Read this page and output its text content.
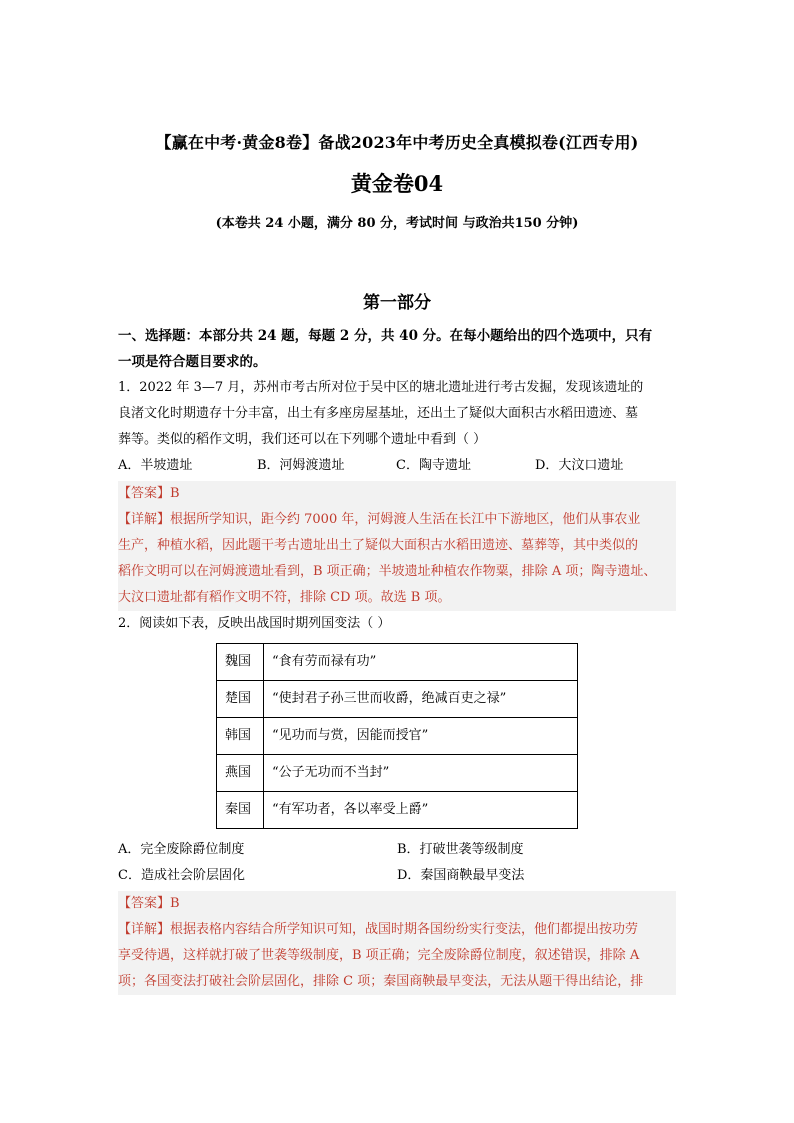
【赢在中考·黄金8卷】备战2023年中考历史全真模拟卷(江西专用)
黄金卷04
(本卷共 24 小题，满分 80 分，考试时间 与政治共150 分钟)
第一部分
一、选择题：本部分共 24 题，每题 2 分，共 40 分。在每小题给出的四个选项中，只有
一项是符合题目要求的。
1．2022 年 3—7 月，苏州市考古所对位于吴中区的塘北遗址进行考古发掘，发现该遗址的
良渚文化时期遗存十分丰富，出土有多座房屋基址，还出土了疑似大面积古水稻田遗迹、墓
葬等。类似的稻作文明，我们还可以在下列哪个遗址中看到（ ）
A．半坡遗址	B．河姆渡遗址	C．陶寺遗址	D．大汶口遗址

【答案】B

【详解】根据所学知识，距今约 7000 年，河姆渡人生活在长江中下游地区，他们从事农业

生产，种植水稻，因此题干考古遗址出土了疑似大面积古水稻田遗迹、墓葬等，其中类似的

稻作文明可以在河姆渡遗址看到，B 项正确；半坡遗址种植农作物粟，排除 A 项；陶寺遗址、

大汶口遗址都有稻作文明不符，排除 CD 项。故选 B 项。

2．阅读如下表，反映出战国时期列国变法（ ）
魏国	“食有劳而禄有功”
楚国	“使封君子孙三世而收爵，绝减百吏之禄”
韩国	“见功而与赏，因能而授官”
燕国	“公子无功而不当封”
秦国	“有军功者，各以率受上爵”
A．完全废除爵位制度	B．打破世袭等级制度
C．造成社会阶层固化	D．秦国商鞅最早变法

【答案】B

【详解】根据表格内容结合所学知识可知，战国时期各国纷纷实行变法，他们都提出按功劳

享受待遇，这样就打破了世袭等级制度，B 项正确；完全废除爵位制度，叙述错误，排除 A

项；各国变法打破社会阶层固化，排除 C 项；秦国商鞅最早变法，无法从题干得出结论，排
